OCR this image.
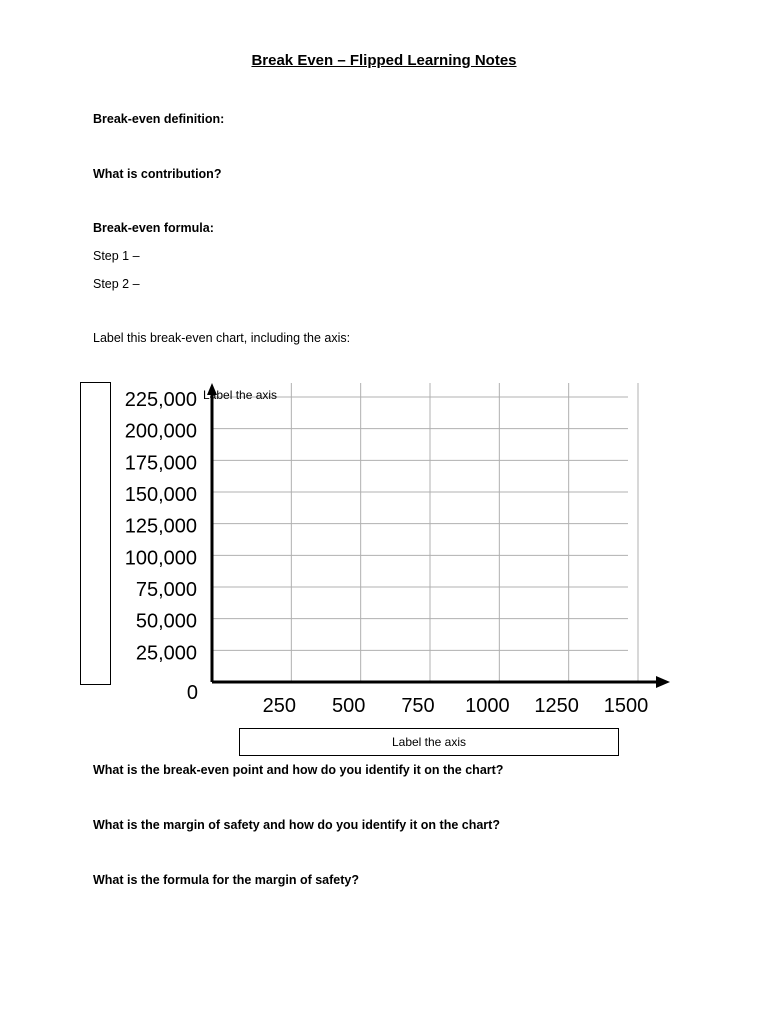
Break Even – Flipped Learning Notes
Break-even definition:
What is contribution?
Break-even formula:
Step 1 –
Step 2 –
Label this break-even chart, including the axis:
0
25,000
50,000
75,000
100,000
125,000
150,000
175,000
200,000
225,000
250 500 750 1000 1250 1500
Label the axis
Label the axis
What is the break-even point and how do you identify it on the chart?
What is the margin of safety and how do you identify it on the chart?
What is the formula for the margin of safety?
